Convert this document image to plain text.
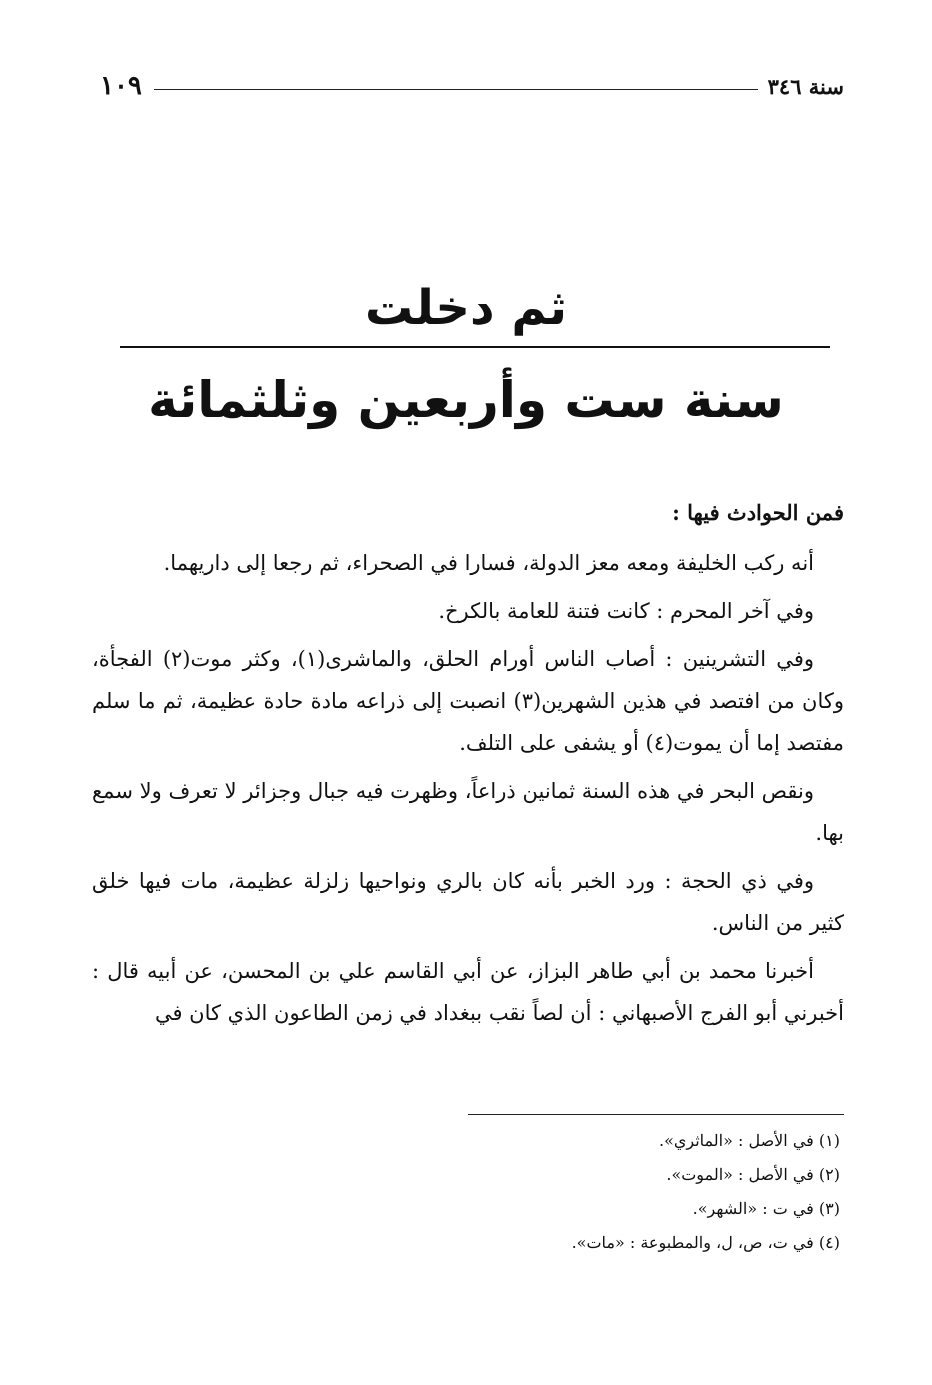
سنة ٣٤٦
١٠٩
ثم دخلت
سنة ست وأربعين وثلثمائة

فمن الحوادث فيها :

أنه ركب الخليفة ومعه معز الدولة، فسارا في الصحراء، ثم رجعا إلى داريهما.

وفي آخر المحرم : كانت فتنة للعامة بالكرخ.

وفي التشرينين : أصاب الناس أورام الحلق، والماشرى(١)، وكثر موت(٢) الفجأة، وكان من افتصد في هذين الشهرين(٣) انصبت إلى ذراعه مادة حادة عظيمة، ثم ما سلم مفتصد إما أن يموت(٤) أو يشفى على التلف.

ونقص البحر في هذه السنة ثمانين ذراعاً، وظهرت فيه جبال وجزائر لا تعرف ولا سمع بها.

وفي ذي الحجة : ورد الخبر بأنه كان بالري ونواحيها زلزلة عظيمة، مات فيها خلق كثير من الناس.

أخبرنا محمد بن أبي طاهر البزاز، عن أبي القاسم علي بن المحسن، عن أبيه قال : أخبرني أبو الفرج الأصبهاني : أن لصاً نقب ببغداد في زمن الطاعون الذي كان في

(١) في الأصل : «الماثري».
(٢) في الأصل : «الموت».
(٣) في ت : «الشهر».
(٤) في ت، ص، ل، والمطبوعة : «مات».
